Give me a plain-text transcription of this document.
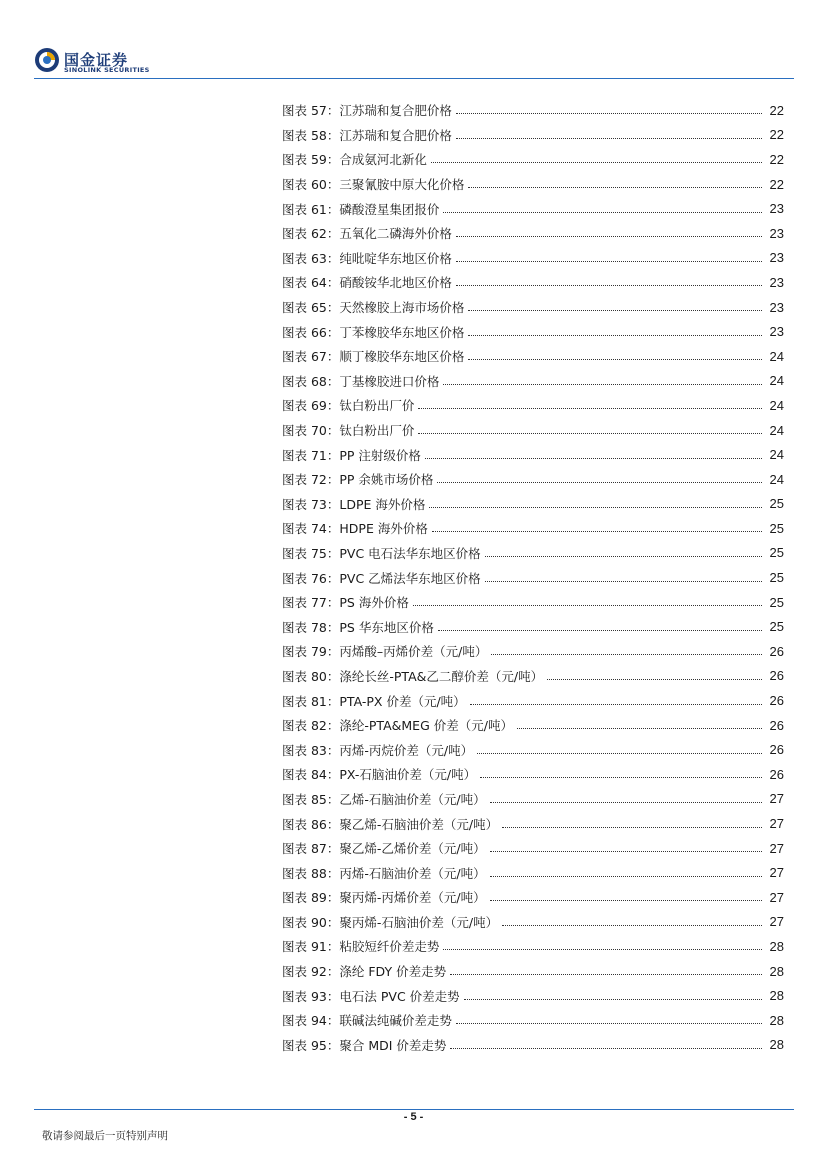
国金证券
SINOLINK SECURITIES
图表 57：江苏瑞和复合肥价格	22
图表 58：江苏瑞和复合肥价格	22
图表 59：合成氨河北新化	22
图表 60：三聚氰胺中原大化价格	22
图表 61：磷酸澄星集团报价	23
图表 62：五氧化二磷海外价格	23
图表 63：纯吡啶华东地区价格	23
图表 64：硝酸铵华北地区价格	23
图表 65：天然橡胶上海市场价格	23
图表 66：丁苯橡胶华东地区价格	23
图表 67：顺丁橡胶华东地区价格	24
图表 68：丁基橡胶进口价格	24
图表 69：钛白粉出厂价	24
图表 70：钛白粉出厂价	24
图表 71：PP 注射级价格	24
图表 72：PP 余姚市场价格	24
图表 73：LDPE 海外价格	25
图表 74：HDPE 海外价格	25
图表 75：PVC 电石法华东地区价格	25
图表 76：PVC 乙烯法华东地区价格	25
图表 77：PS 海外价格	25
图表 78：PS 华东地区价格	25
图表 79：丙烯酸–丙烯价差（元/吨）	26
图表 80：涤纶长丝-PTA&乙二醇价差（元/吨）	26
图表 81：PTA-PX 价差（元/吨）	26
图表 82：涤纶-PTA&MEG 价差（元/吨）	26
图表 83：丙烯-丙烷价差（元/吨）	26
图表 84：PX-石脑油价差（元/吨）	26
图表 85：乙烯-石脑油价差（元/吨）	27
图表 86：聚乙烯-石脑油价差（元/吨）	27
图表 87：聚乙烯-乙烯价差（元/吨）	27
图表 88：丙烯-石脑油价差（元/吨）	27
图表 89：聚丙烯-丙烯价差（元/吨）	27
图表 90：聚丙烯-石脑油价差（元/吨）	27
图表 91：粘胶短纤价差走势	28
图表 92：涤纶 FDY 价差走势	28
图表 93：电石法 PVC 价差走势	28
图表 94：联碱法纯碱价差走势	28
图表 95：聚合 MDI 价差走势	28
- 5 -
敬请参阅最后一页特别声明
